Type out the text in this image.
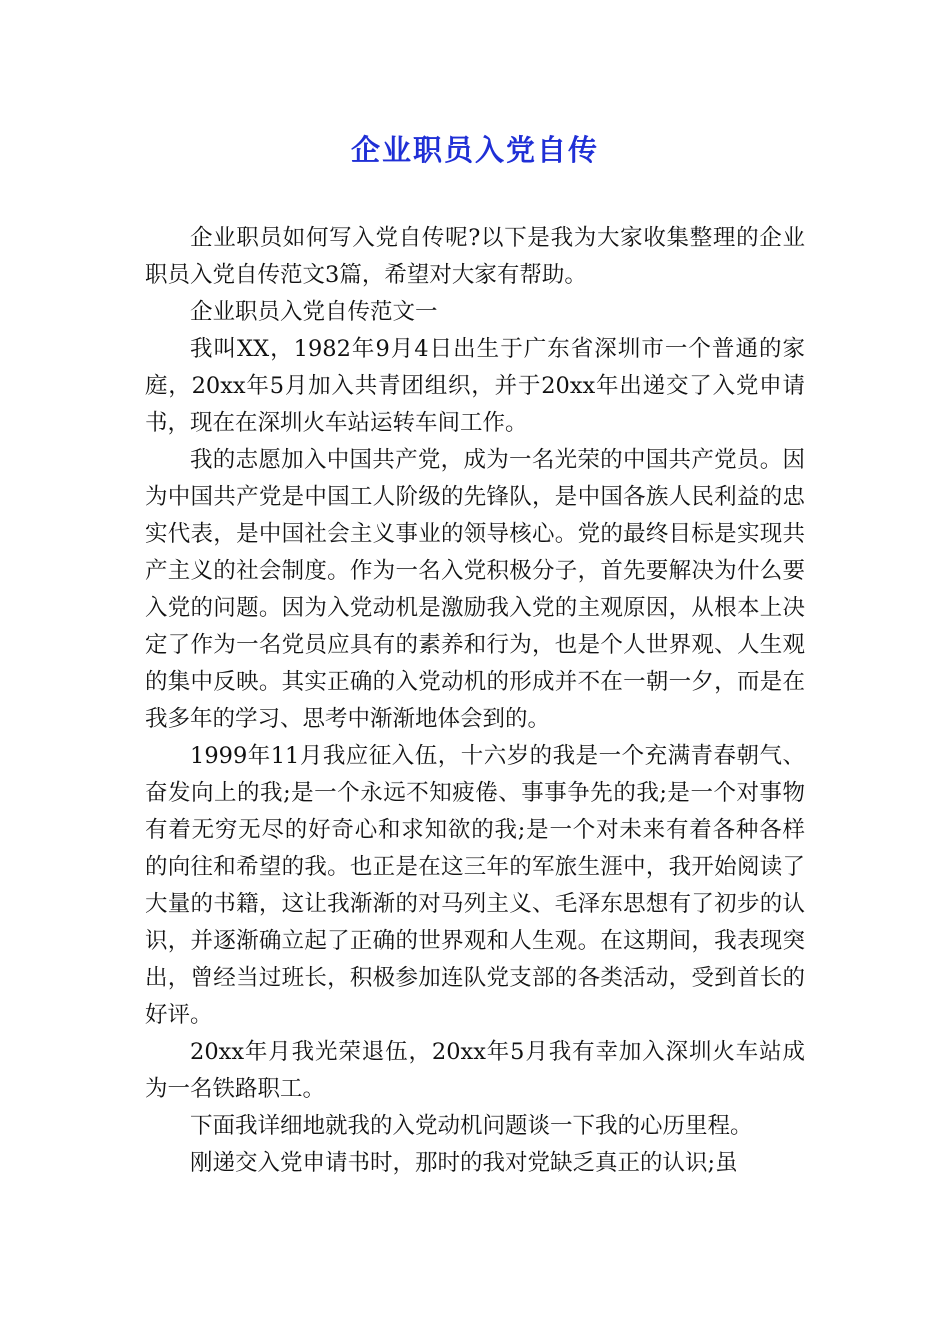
企业职员入党自传

企业职员如何写入党自传呢?以下是我为大家收集整理的企业职员入党自传范文3篇，希望对大家有帮助。

企业职员入党自传范文一

我叫XX，1982年9月4日出生于广东省深圳市一个普通的家庭，20xx年5月加入共青团组织，并于20xx年出递交了入党申请书，现在在深圳火车站运转车间工作。

我的志愿加入中国共产党，成为一名光荣的中国共产党员。因为中国共产党是中国工人阶级的先锋队，是中国各族人民利益的忠实代表，是中国社会主义事业的领导核心。党的最终目标是实现共产主义的社会制度。作为一名入党积极分子，首先要解决为什么要入党的问题。因为入党动机是激励我入党的主观原因，从根本上决定了作为一名党员应具有的素养和行为，也是个人世界观、人生观的集中反映。其实正确的入党动机的形成并不在一朝一夕，而是在我多年的学习、思考中渐渐地体会到的。

1999年11月我应征入伍，十六岁的我是一个充满青春朝气、奋发向上的我;是一个永远不知疲倦、事事争先的我;是一个对事物有着无穷无尽的好奇心和求知欲的我;是一个对未来有着各种各样的向往和希望的我。也正是在这三年的军旅生涯中，我开始阅读了大量的书籍，这让我渐渐的对马列主义、毛泽东思想有了初步的认识，并逐渐确立起了正确的世界观和人生观。在这期间，我表现突出，曾经当过班长，积极参加连队党支部的各类活动，受到首长的好评。

20xx年月我光荣退伍，20xx年5月我有幸加入深圳火车站成为一名铁路职工。

下面我详细地就我的入党动机问题谈一下我的心历里程。

刚递交入党申请书时，那时的我对党缺乏真正的认识;虽
